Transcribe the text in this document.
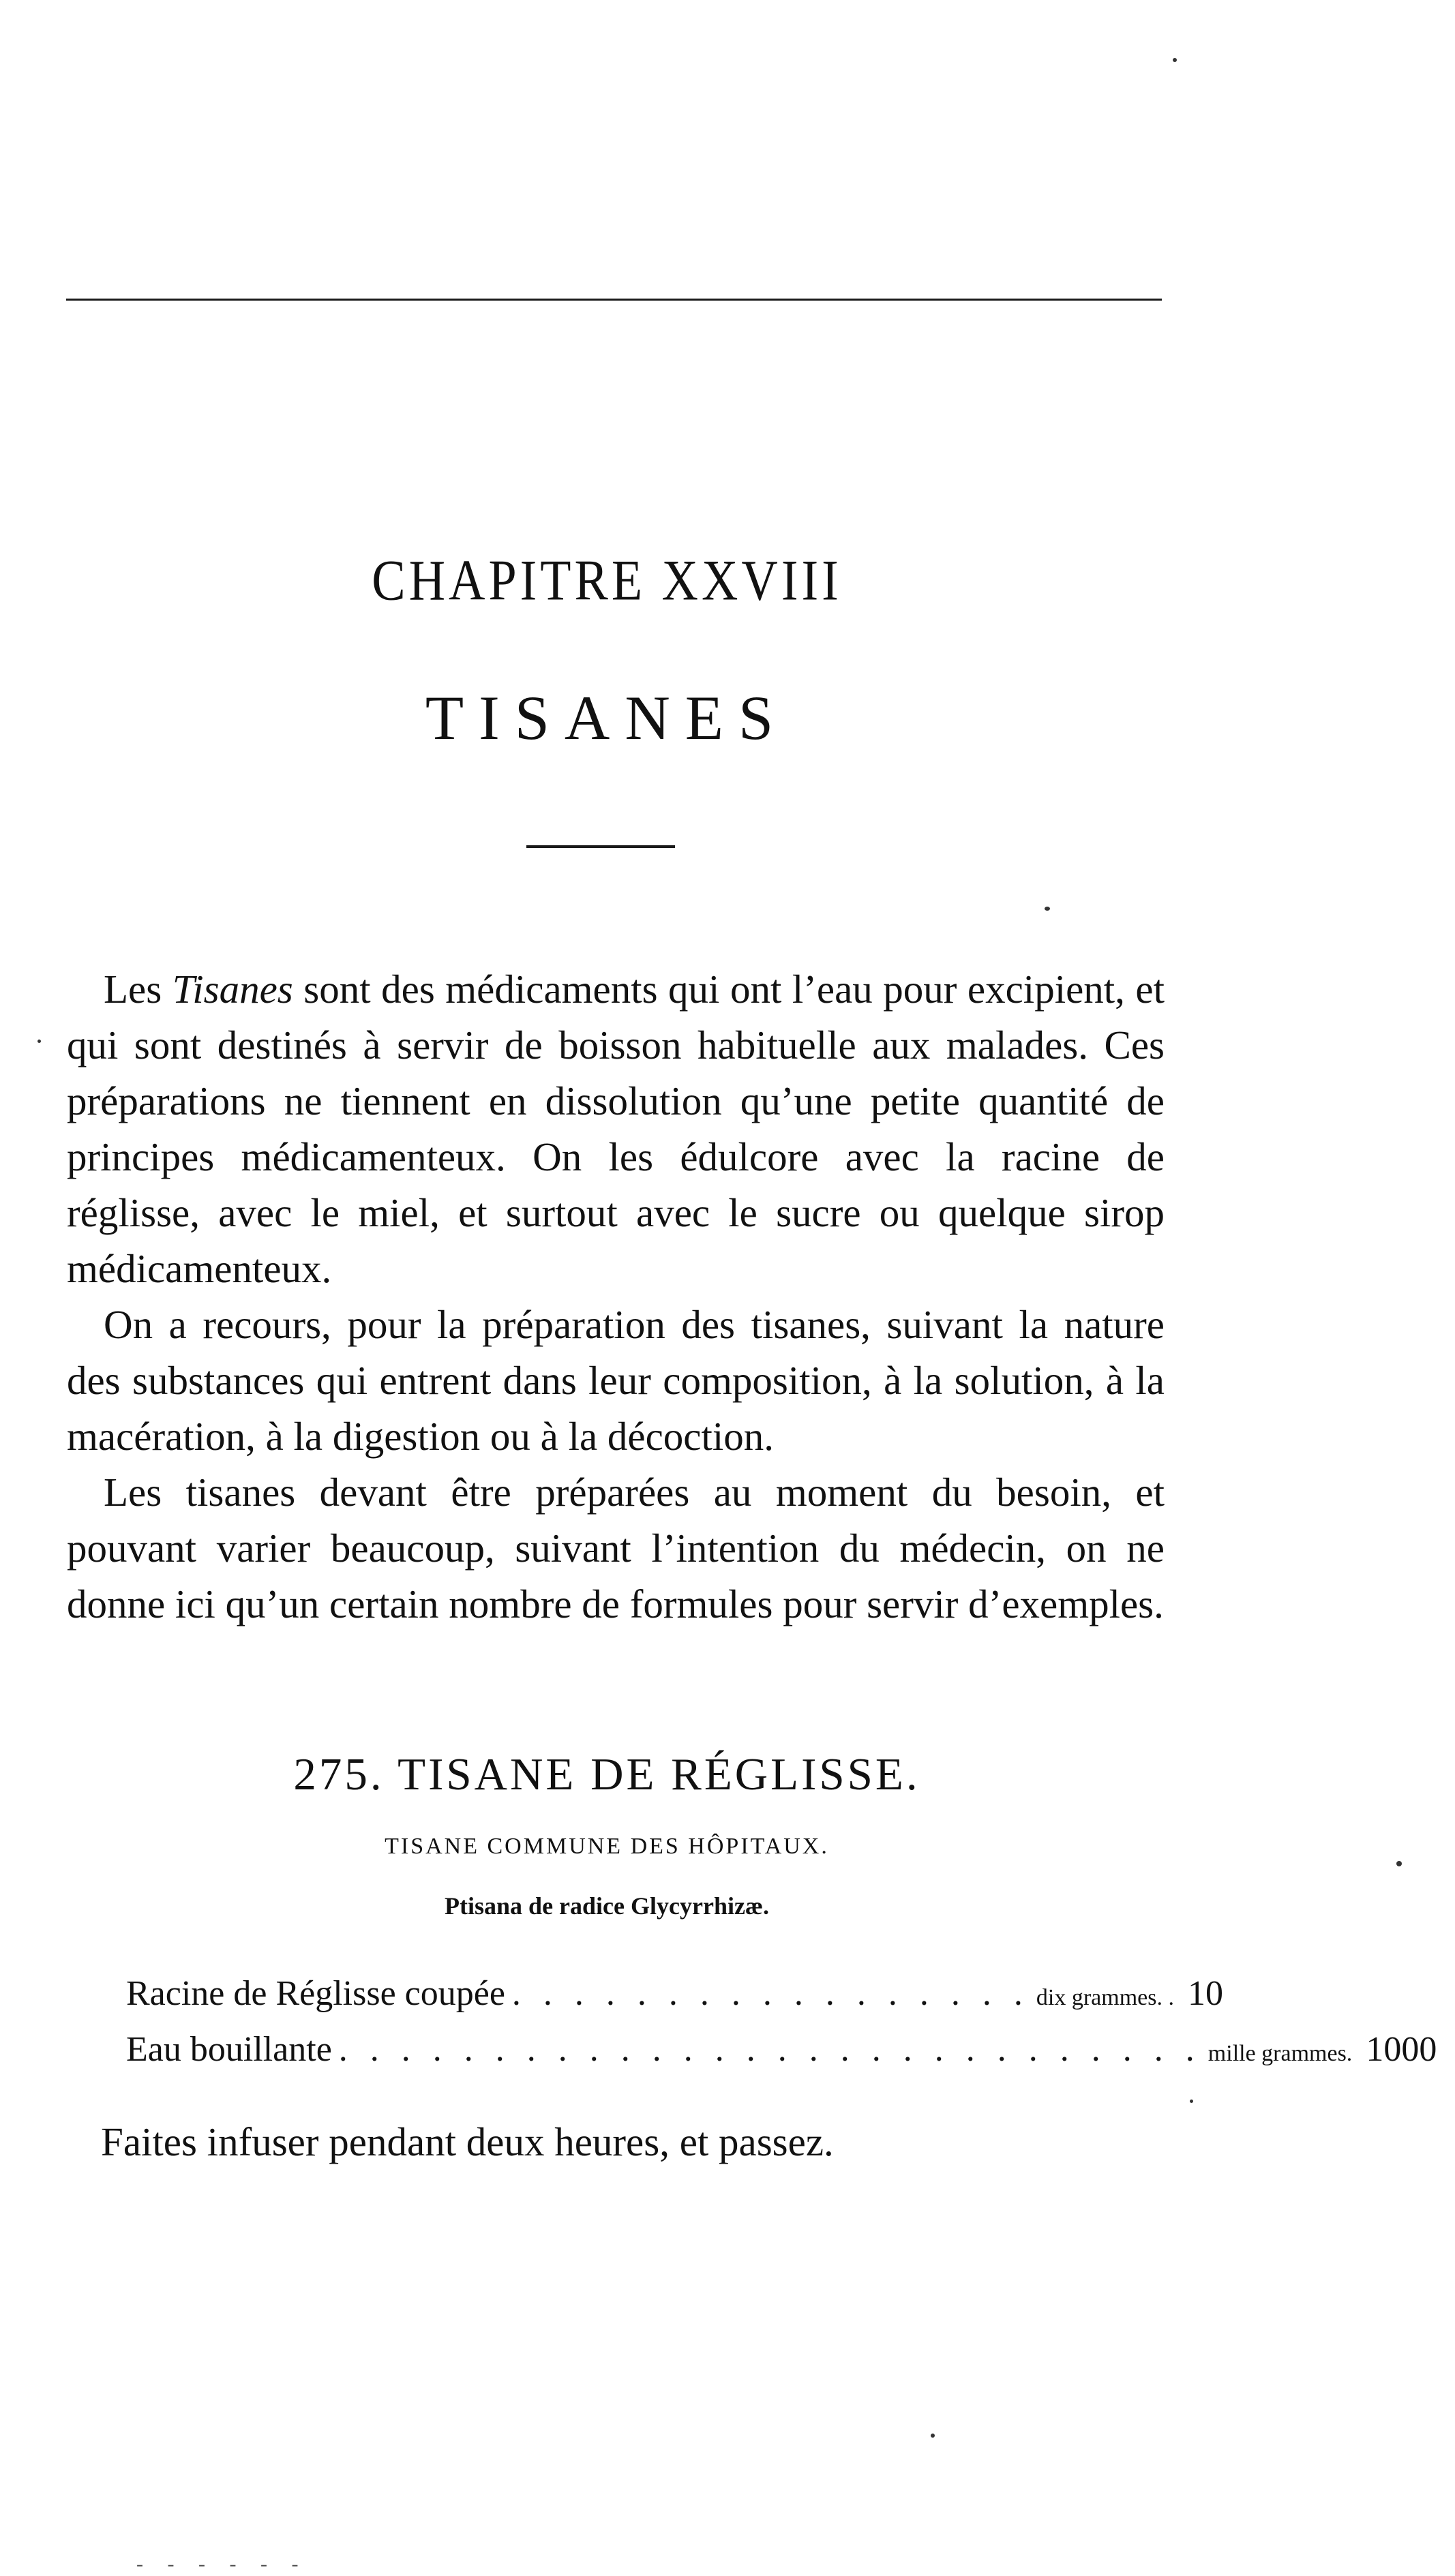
CHAPITRE XXVIII
TISANES

Les Tisanes sont des médicaments qui ont l’eau pour excipient, et qui sont destinés à servir de boisson habituelle aux malades. Ces préparations ne tiennent en dissolution qu’une petite quantité de principes médicamenteux. On les édulcore avec la racine de réglisse, avec le miel, et surtout avec le sucre ou quelque sirop médicamenteux.

On a recours, pour la préparation des tisanes, suivant la nature des substances qui entrent dans leur composition, à la solution, à la macération, à la digestion ou à la décoction.

Les tisanes devant être préparées au moment du besoin, et pouvant varier beaucoup, suivant l’intention du médecin, on ne donne ici qu’un certain nombre de formules pour servir d’exemples.

275. TISANE DE RÉGLISSE.
TISANE COMMUNE DES HÔPITAUX.
Ptisana de radice Glycyrrhizæ.
Racine de Réglisse coupée . . . . . . . . . . . . . . . . . dix grammes. . 10
Eau bouillante . . . . . . . . . . . . . . . . . . . . . . . . . . . . mille grammes. 1000
Faites infuser pendant deux heures, et passez.
- - - - - -
